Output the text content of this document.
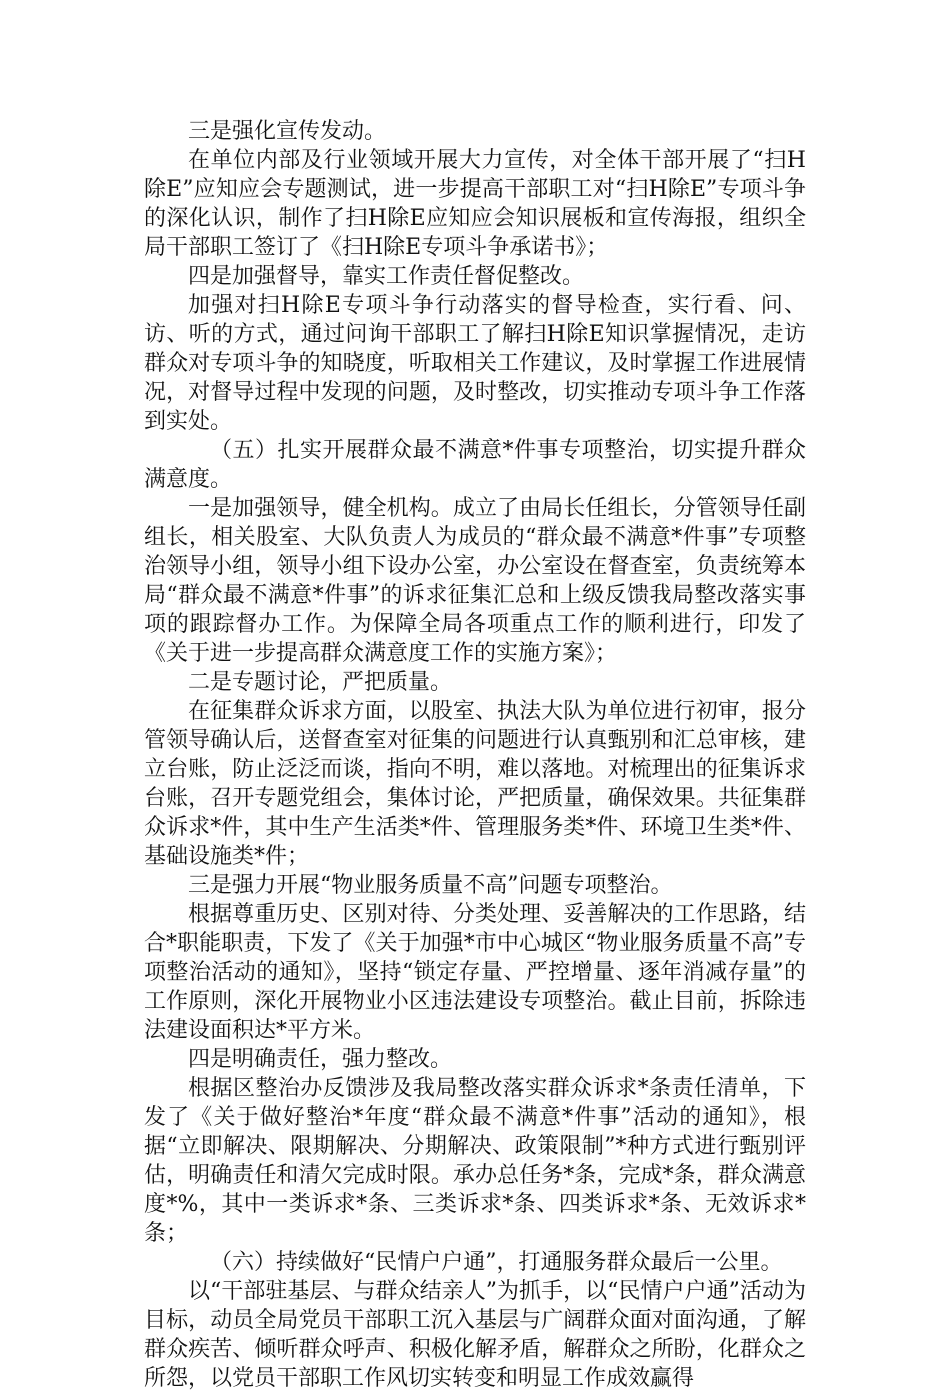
三是强化宣传发动。

在单位内部及行业领域开展大力宣传，对全体干部开展了“扫H除E”应知应会专题测试，进一步提高干部职工对“扫H除E”专项斗争的深化认识，制作了扫H除E应知应会知识展板和宣传海报，组织全局干部职工签订了《扫H除E专项斗争承诺书》；

四是加强督导，靠实工作责任督促整改。

加强对扫H除E专项斗争行动落实的督导检查，实行看、问、访、听的方式，通过问询干部职工了解扫H除E知识掌握情况，走访群众对专项斗争的知晓度，听取相关工作建议，及时掌握工作进展情况，对督导过程中发现的问题，及时整改，切实推动专项斗争工作落到实处。

（五）扎实开展群众最不满意*件事专项整治，切实提升群众满意度。

一是加强领导，健全机构。成立了由局长任组长，分管领导任副组长，相关股室、大队负责人为成员的“群众最不满意*件事”专项整治领导小组，领导小组下设办公室，办公室设在督查室，负责统筹本局“群众最不满意*件事”的诉求征集汇总和上级反馈我局整改落实事项的跟踪督办工作。为保障全局各项重点工作的顺利进行，印发了《关于进一步提高群众满意度工作的实施方案》；

二是专题讨论，严把质量。

在征集群众诉求方面，以股室、执法大队为单位进行初审，报分管领导确认后，送督查室对征集的问题进行认真甄别和汇总审核，建立台账，防止泛泛而谈，指向不明，难以落地。对梳理出的征集诉求台账，召开专题党组会，集体讨论，严把质量，确保效果。共征集群众诉求*件，其中生产生活类*件、管理服务类*件、环境卫生类*件、基础设施类*件；

三是强力开展“物业服务质量不高”问题专项整治。

根据尊重历史、区别对待、分类处理、妥善解决的工作思路，结合*职能职责，下发了《关于加强*市中心城区“物业服务质量不高”专项整治活动的通知》，坚持“锁定存量、严控增量、逐年消减存量”的工作原则，深化开展物业小区违法建设专项整治。截止目前，拆除违法建设面积达*平方米。

四是明确责任，强力整改。

根据区整治办反馈涉及我局整改落实群众诉求*条责任清单，下发了《关于做好整治*年度“群众最不满意*件事”活动的通知》，根据“立即解决、限期解决、分期解决、政策限制”*种方式进行甄别评估，明确责任和清欠完成时限。承办总任务*条，完成*条，群众满意度*%，其中一类诉求*条、三类诉求*条、四类诉求*条、无效诉求*条；

（六）持续做好“民情户户通”，打通服务群众最后一公里。

以“干部驻基层、与群众结亲人”为抓手，以“民情户户通”活动为目标，动员全局党员干部职工沉入基层与广阔群众面对面沟通，了解群众疾苦、倾听群众呼声、积极化解矛盾，解群众之所盼，化群众之所怨，以党员干部职工作风切实转变和明显工作成效赢得
